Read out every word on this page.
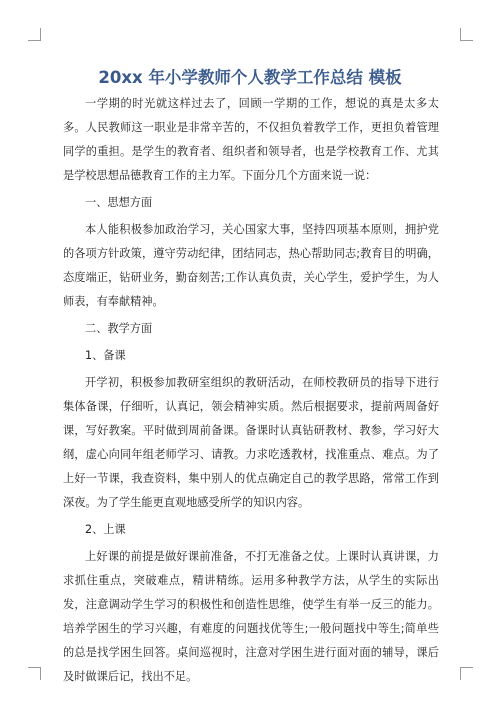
20xx 年小学教师个人教学工作总结 模板

一学期的时光就这样过去了，回顾一学期的工作，想说的真是太多太多。人民教师这一职业是非常辛苦的，不仅担负着教学工作，更担负着管理同学的重担。是学生的教育者、组织者和领导者，也是学校教育工作、尤其是学校思想品德教育工作的主力军。下面分几个方面来说一说：

一、思想方面

本人能积极参加政治学习，关心国家大事，坚持四项基本原则，拥护党的各项方针政策，遵守劳动纪律，团结同志，热心帮助同志;教育目的明确，态度端正，钻研业务，勤奋刻苦;工作认真负责，关心学生，爱护学生，为人师表，有奉献精神。

二、教学方面

1、备课

开学初，积极参加教研室组织的教研活动，在师校教研员的指导下进行集体备课，仔细听，认真记，领会精神实质。然后根据要求，提前两周备好课，写好教案。平时做到周前备课。备课时认真钻研教材、教参，学习好大纲，虚心向同年组老师学习、请教。力求吃透教材，找准重点、难点。为了上好一节课，我查资料，集中别人的优点确定自己的教学思路，常常工作到深夜。为了学生能更直观地感受所学的知识内容。

2、上课

上好课的前提是做好课前准备，不打无准备之仗。上课时认真讲课，力求抓住重点，突破难点，精讲精练。运用多种教学方法，从学生的实际出发，注意调动学生学习的积极性和创造性思维，使学生有举一反三的能力。培养学困生的学习兴趣，有难度的问题找优等生;一般问题找中等生;简单些的总是找学困生回答。桌间巡视时，注意对学困生进行面对面的辅导，课后及时做课后记，找出不足。
